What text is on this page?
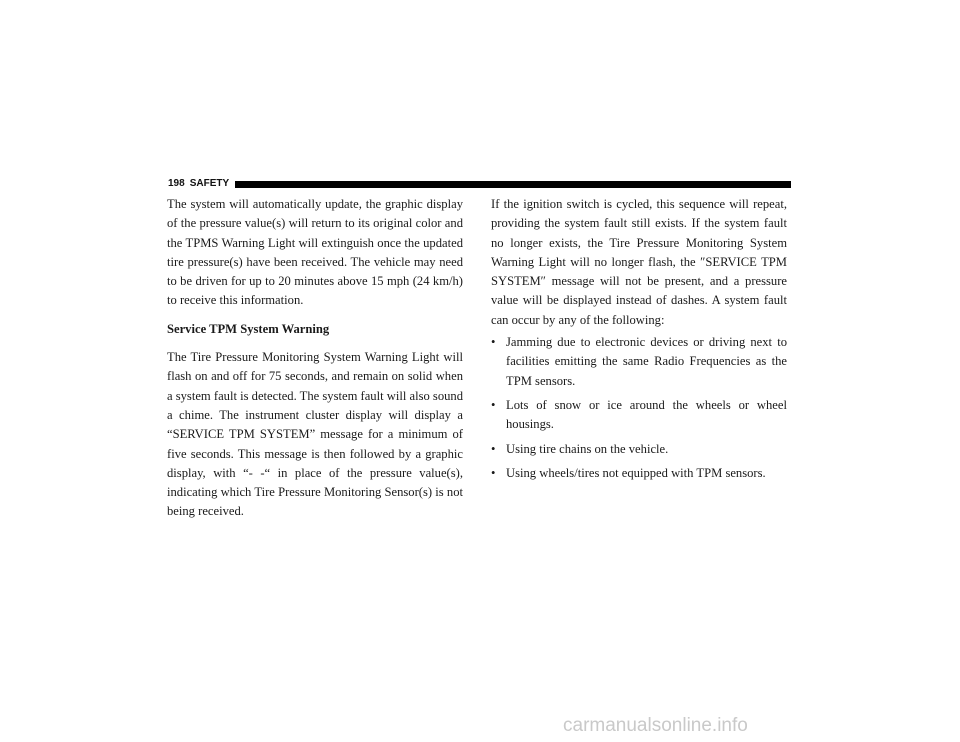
198 SAFETY

The system will automatically update, the graphic display of the pressure value(s) will return to its original color and the TPMS Warning Light will extinguish once the updated tire pressure(s) have been received. The vehicle may need to be driven for up to 20 minutes above 15 mph (24 km/h) to receive this information.

Service TPM System Warning

The Tire Pressure Monitoring System Warning Light will flash on and off for 75 seconds, and remain on solid when a system fault is detected. The system fault will also sound a chime. The instrument cluster display will display a “SERVICE TPM SYSTEM” message for a minimum of five seconds. This message is then followed by a graphic display, with “- -“ in place of the pressure value(s), indicating which Tire Pressure Monitoring Sensor(s) is not being received.

If the ignition switch is cycled, this sequence will repeat, providing the system fault still exists. If the system fault no longer exists, the Tire Pressure Monitoring System Warning Light will no longer flash, the ″SERVICE TPM SYSTEM″ message will not be present, and a pressure value will be displayed instead of dashes. A system fault can occur by any of the following:

• Jamming due to electronic devices or driving next to facilities emitting the same Radio Frequencies as the TPM sensors.
• Lots of snow or ice around the wheels or wheel housings.
• Using tire chains on the vehicle.
• Using wheels/tires not equipped with TPM sensors.
carmanualsonline.info
